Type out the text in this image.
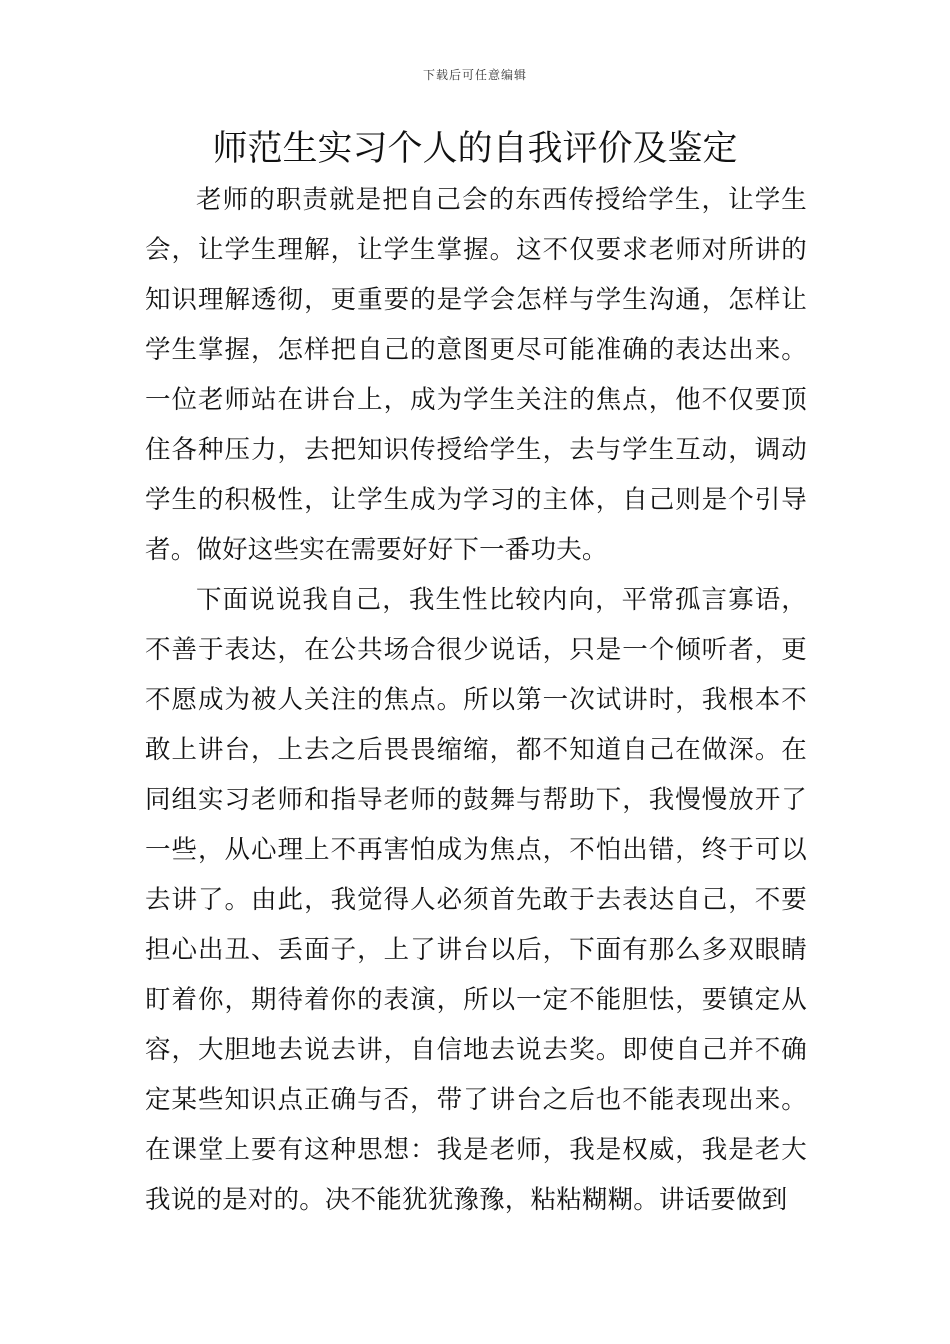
下载后可任意编辑
师范生实习个人的自我评价及鉴定

老师的职责就是把自己会的东西传授给学生，让学生会，让学生理解，让学生掌握。这不仅要求老师对所讲的知识理解透彻，更重要的是学会怎样与学生沟通，怎样让学生掌握，怎样把自己的意图更尽可能准确的表达出来。一位老师站在讲台上，成为学生关注的焦点，他不仅要顶住各种压力，去把知识传授给学生，去与学生互动，调动学生的积极性，让学生成为学习的主体，自己则是个引导者。做好这些实在需要好好下一番功夫。

下面说说我自己，我生性比较内向，平常孤言寡语，不善于表达，在公共场合很少说话，只是一个倾听者，更不愿成为被人关注的焦点。所以第一次试讲时，我根本不敢上讲台，上去之后畏畏缩缩，都不知道自己在做深。在同组实习老师和指导老师的鼓舞与帮助下，我慢慢放开了一些，从心理上不再害怕成为焦点，不怕出错，终于可以去讲了。由此，我觉得人必须首先敢于去表达自己，不要担心出丑、丢面子，上了讲台以后，下面有那么多双眼睛盯着你，期待着你的表演，所以一定不能胆怯，要镇定从容，大胆地去说去讲，自信地去说去奖。即使自己并不确定某些知识点正确与否，带了讲台之后也不能表现出来。在课堂上要有这种思想：我是老师，我是权威，我是老大我说的是对的。决不能犹犹豫豫，粘粘糊糊。讲话要做到
